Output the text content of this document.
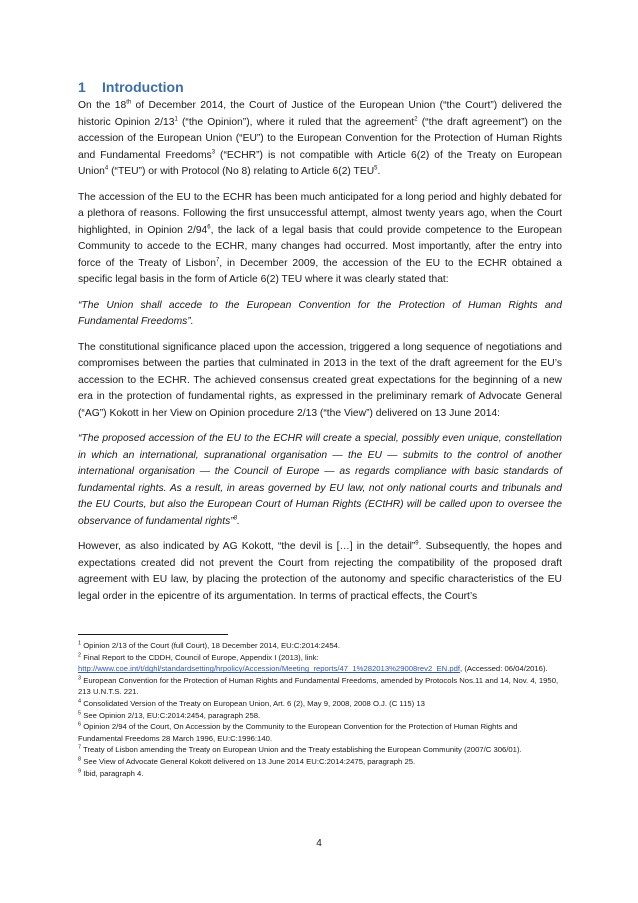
1 Introduction

On the 18th of December 2014, the Court of Justice of the European Union (“the Court”) delivered the historic Opinion $2/13^1$ (“the Opinion”), where it ruled that the agreement$^2$ (“the draft agreement”) on the accession of the European Union (“EU”) to the European Convention for the Protection of Human Rights and Fundamental Freedoms$^3$ (“ECHR”) is not compatible with Article 6(2) of the Treaty on European Union$^4$ (“TEU”) or with Protocol (No 8) relating to Article 6(2) TEU$^5$.

The accession of the EU to the ECHR has been much anticipated for a long period and highly debated for a plethora of reasons. Following the first unsuccessful attempt, almost twenty years ago, when the Court highlighted, in Opinion $2/94^6$, the lack of a legal basis that could provide competence to the European Community to accede to the ECHR, many changes had occurred. Most importantly, after the entry into force of the Treaty of Lisbon$^7$, in December 2009, the accession of the EU to the ECHR obtained a specific legal basis in the form of Article 6(2) TEU where it was clearly stated that:

“The Union shall accede to the European Convention for the Protection of Human Rights and Fundamental Freedoms”.

The constitutional significance placed upon the accession, triggered a long sequence of negotiations and compromises between the parties that culminated in 2013 in the text of the draft agreement for the EU’s accession to the ECHR. The achieved consensus created great expectations for the beginning of a new era in the protection of fundamental rights, as expressed in the preliminary remark of Advocate General (“AG”) Kokott in her View on Opinion procedure 2/13 (“the View”) delivered on 13 June 2014:

“The proposed accession of the EU to the ECHR will create a special, possibly even unique, constellation in which an international, supranational organisation — the EU — submits to the control of another international organisation — the Council of Europe — as regards compliance with basic standards of fundamental rights. As a result, in areas governed by EU law, not only national courts and tribunals and the EU Courts, but also the European Court of Human Rights (ECtHR) will be called upon to oversee the observance of fundamental rights”$^8$.

However, as also indicated by AG Kokott, “the devil is […] in the detail”$^9$. Subsequently, the hopes and expectations created did not prevent the Court from rejecting the compatibility of the proposed draft agreement with EU law, by placing the protection of the autonomy and specific characteristics of the EU legal order in the epicentre of its argumentation. In terms of practical effects, the Court’s

$^1$ Opinion 2/13 of the Court (full Court), 18 December 2014, EU:C:2014:2454.

$^2$ Final Report to the CDDH, Council of Europe, Appendix I (2013), link:
http://www.coe.int/t/dghl/standardsetting/hrpolicy/Accession/Meeting_reports/47_1%282013%29008rev2_EN.pdf, (Accessed: 06/04/2016).

$^3$ European Convention for the Protection of Human Rights and Fundamental Freedoms, amended by Protocols Nos.11 and 14, Nov. 4, 1950, 213 U.N.T.S. 221.

$^4$ Consolidated Version of the Treaty on European Union, Art. 6 (2), May 9, 2008, 2008 O.J. (C 115) 13

$^5$ See Opinion 2/13, EU:C:2014:2454, paragraph 258.

$^6$ Opinion 2/94 of the Court, On Accession by the Community to the European Convention for the Protection of Human Rights and Fundamental Freedoms 28 March 1996, EU:C:1996:140.

$^7$ Treaty of Lisbon amending the Treaty on European Union and the Treaty establishing the European Community (2007/C 306/01).

$^8$ See View of Advocate General Kokott delivered on 13 June 2014 EU:C:2014:2475, paragraph 25.

$^9$ Ibid, paragraph 4.

4
